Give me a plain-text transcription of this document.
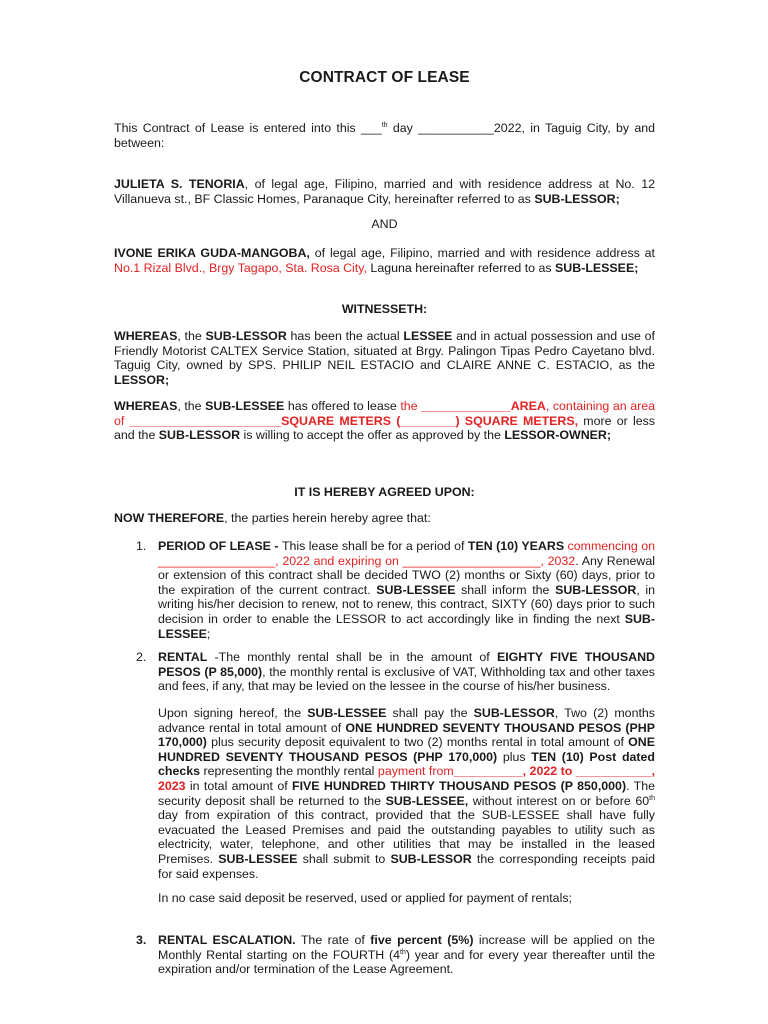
CONTRACT OF LEASE
This Contract of Lease is entered into this ___$^{th}$ day ___________2022, in Taguig City, by and between:
JULIETA S. TENORIA, of legal age, Filipino, married and with residence address at No. 12 Villanueva st., BF Classic Homes, Paranaque City, hereinafter referred to as SUB-LESSOR;
AND
IVONE ERIKA GUDA-MANGOBA, of legal age, Filipino, married and with residence address at No.1 Rizal Blvd., Brgy Tagapo, Sta. Rosa City, Laguna hereinafter referred to as SUB-LESSEE;
WITNESSETH:
WHEREAS, the SUB-LESSOR has been the actual LESSEE and in actual possession and use of Friendly Motorist CALTEX Service Station, situated at Brgy. Palingon Tipas Pedro Cayetano blvd. Taguig City, owned by SPS. PHILIP NEIL ESTACIO and CLAIRE ANNE C. ESTACIO, as the LESSOR;
WHEREAS, the SUB-LESSEE has offered to lease the _____________AREA, containing an area of ______________________SQUARE METERS (________) SQUARE METERS, more or less and the SUB-LESSOR is willing to accept the offer as approved by the LESSOR-OWNER;
IT IS HEREBY AGREED UPON:
NOW THEREFORE, the parties herein hereby agree that:
1. PERIOD OF LEASE - This lease shall be for a period of TEN (10) YEARS commencing on _________________, 2022 and expiring on ____________________, 2032. Any Renewal or extension of this contract shall be decided TWO (2) months or Sixty (60) days, prior to the expiration of the current contract. SUB-LESSEE shall inform the SUB-LESSOR, in writing his/her decision to renew, not to renew, this contract, SIXTY (60) days prior to such decision in order to enable the LESSOR to act accordingly like in finding the next SUB-LESSEE;
2. RENTAL -The monthly rental shall be in the amount of EIGHTY FIVE THOUSAND PESOS (P 85,000), the monthly rental is exclusive of VAT, Withholding tax and other taxes and fees, if any, that may be levied on the lessee in the course of his/her business.
Upon signing hereof, the SUB-LESSEE shall pay the SUB-LESSOR, Two (2) months advance rental in total amount of ONE HUNDRED SEVENTY THOUSAND PESOS (PHP 170,000) plus security deposit equivalent to two (2) months rental in total amount of ONE HUNDRED SEVENTY THOUSAND PESOS (PHP 170,000) plus TEN (10) Post dated checks representing the monthly rental payment from__________, 2022 to ___________, 2023 in total amount of FIVE HUNDRED THIRTY THOUSAND PESOS (P 850,000). The security deposit shall be returned to the SUB-LESSEE, without interest on or before 60th day from expiration of this contract, provided that the SUB-LESSEE shall have fully evacuated the Leased Premises and paid the outstanding payables to utility such as electricity, water, telephone, and other utilities that may be installed in the leased Premises. SUB-LESSEE shall submit to SUB-LESSOR the corresponding receipts paid for said expenses.
In no case said deposit be reserved, used or applied for payment of rentals;
3. RENTAL ESCALATION. The rate of five percent (5%) increase will be applied on the Monthly Rental starting on the FOURTH (4th) year and for every year thereafter until the expiration and/or termination of the Lease Agreement.
